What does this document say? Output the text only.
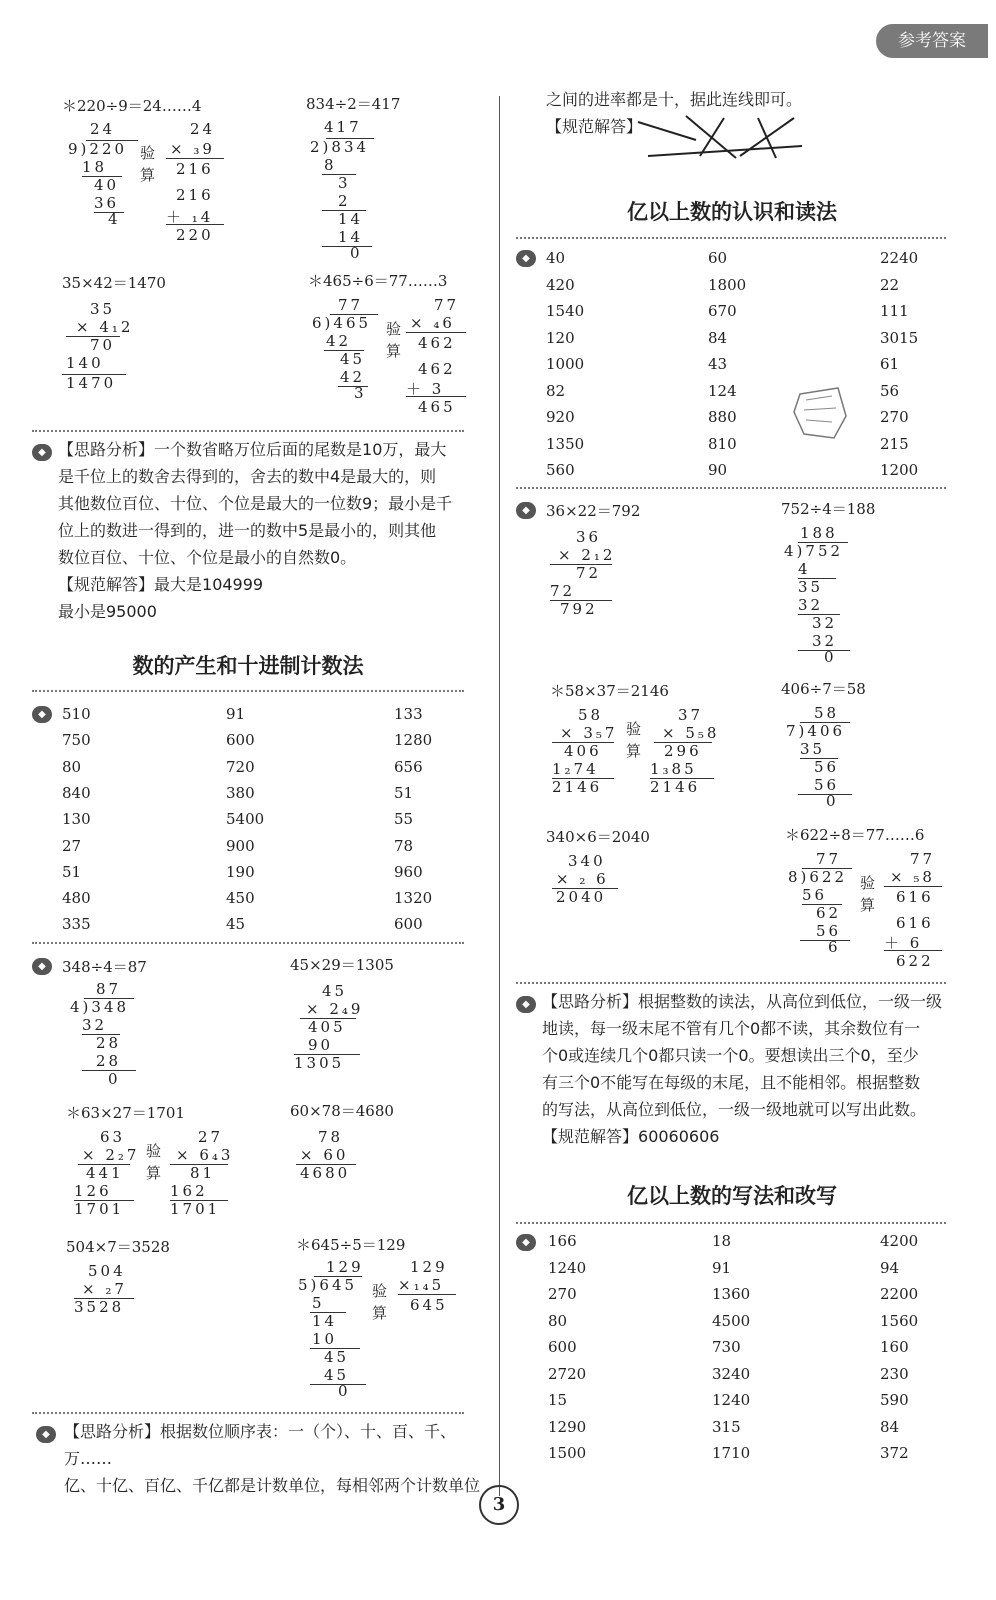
参考答案
＊220÷9＝24……4	834÷2＝417
35×42＝1470	＊465÷6＝77……3
24
9)220
18
40
36
4
验算
24
× ₃9
216
216
＋ ₁4
220
417
2)834
8
3
2
14
14
0
35
× 4₁2
70
140
1470
77
6)465
42
45
42
3
验算
77
× ₄6
462
462
＋ 3
465
◆ 【思路分析】一个数省略万位后面的尾数是10万，最大
是千位上的数舍去得到的，舍去的数中4是最大的，则
其他数位百位、十位、个位是最大的一位数9；最小是千
位上的数进一得到的，进一的数中5是最小的，则其他
数位百位、十位、个位是最小的自然数0。
【规范解答】最大是104999
最小是95000
数的产生和十进制计数法
◆	510	91	133
750	600	1280
80	720	656
840	380	51
130	5400	55
27	900	78
51	190	960
480	450	1320
335	45	600
◆	348÷4＝87	45×29＝1305
＊63×27＝1701	60×78＝4680
504×7＝3528	＊645÷5＝129
87
4)348
32
28
28
0
45
× 2₄9
405
90
1305
63
× 2₂7
441
126
1701
验算
27
× 6₄3
81
162
1701
78
× 60
4680
504
× ₂7
3528
129
5)645
5
14
10
45
45
0
验算
129
×₁₄5
645
◆ 【思路分析】根据数位顺序表：一（个）、十、百、千、万……
亿、十亿、百亿、千亿都是计数单位，每相邻两个计数单位
之间的进率都是十，据此连线即可。
【规范解答】
亿以上数的认识和读法
◆	40	60	2240
420	1800	22
1540	670	111
120	84	3015
1000	43	61
82	124	56
920	880	270
1350	810	215
560	90	1200
◆	36×22＝792	752÷4＝188
＊58×37＝2146	406÷7＝58
340×6＝2040	＊622÷8＝77……6
36
× 2₁2
72
72
792
188
4)752
4
35
32
32
32
0
58
× 3₅7
406
1₂74
2146
验算
37
× 5₅8
296
1₃85
2146
58
7)406
35
56
56
0
340
× ₂ 6
2040
77
8)622
56
62
56
6
验算
77
× ₅8
616
616
＋ 6
622
◆ 【思路分析】根据整数的读法，从高位到低位，一级一级
地读，每一级末尾不管有几个0都不读，其余数位有一
个0或连续几个0都只读一个0。要想读出三个0，至少
有三个0不能写在每级的末尾，且不能相邻。根据整数
的写法，从高位到低位，一级一级地就可以写出此数。
【规范解答】60060606
亿以上数的写法和改写
◆	166	18	4200
1240	91	94
270	1360	2200
80	4500	1560
600	730	160
2720	3240	230
15	1240	590
1290	315	84
1500	1710	372
3
